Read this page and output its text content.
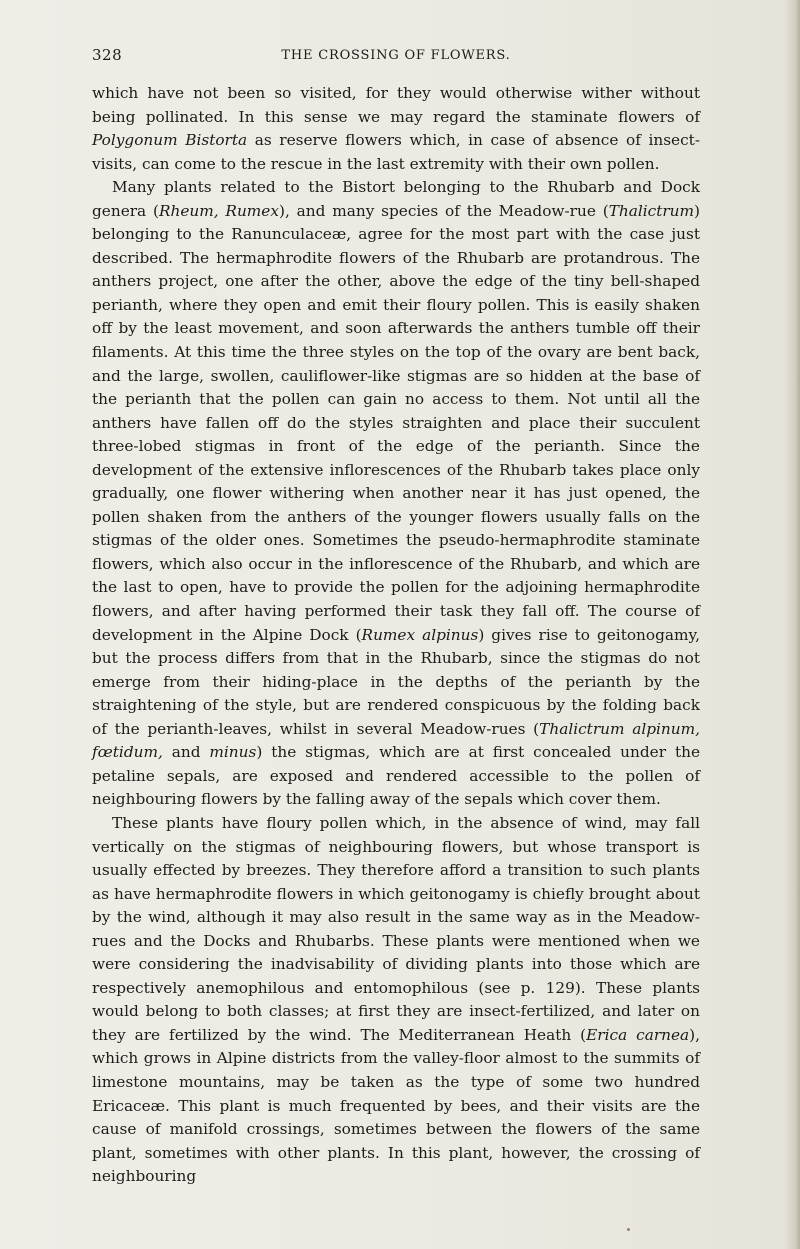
328	THE CROSSING OF FLOWERS.

which have not been so visited, for they would otherwise wither without being pollinated. In this sense we may regard the staminate flowers of Polygonum Bistorta as reserve flowers which, in case of absence of insect-visits, can come to the rescue in the last extremity with their own pollen.

Many plants related to the Bistort belonging to the Rhubarb and Dock genera (Rheum, Rumex), and many species of the Meadow-rue (Thalictrum) belonging to the Ranunculaceæ, agree for the most part with the case just described. The hermaphrodite flowers of the Rhubarb are protandrous. The anthers project, one after the other, above the edge of the tiny bell-shaped perianth, where they open and emit their floury pollen. This is easily shaken off by the least movement, and soon afterwards the anthers tumble off their filaments. At this time the three styles on the top of the ovary are bent back, and the large, swollen, cauliflower-like stigmas are so hidden at the base of the perianth that the pollen can gain no access to them. Not until all the anthers have fallen off do the styles straighten and place their succulent three-lobed stigmas in front of the edge of the perianth. Since the development of the extensive inflorescences of the Rhubarb takes place only gradually, one flower withering when another near it has just opened, the pollen shaken from the anthers of the younger flowers usually falls on the stigmas of the older ones. Sometimes the pseudo-hermaphrodite staminate flowers, which also occur in the inflorescence of the Rhubarb, and which are the last to open, have to provide the pollen for the adjoining hermaphrodite flowers, and after having performed their task they fall off. The course of development in the Alpine Dock (Rumex alpinus) gives rise to geitonogamy, but the process differs from that in the Rhubarb, since the stigmas do not emerge from their hiding-place in the depths of the perianth by the straightening of the style, but are rendered conspicuous by the folding back of the perianth-leaves, whilst in several Meadow-rues (Thalictrum alpinum, fœtidum, and minus) the stigmas, which are at first concealed under the petaline sepals, are exposed and rendered accessible to the pollen of neighbouring flowers by the falling away of the sepals which cover them.

These plants have floury pollen which, in the absence of wind, may fall vertically on the stigmas of neighbouring flowers, but whose transport is usually effected by breezes. They therefore afford a transition to such plants as have hermaphrodite flowers in which geitonogamy is chiefly brought about by the wind, although it may also result in the same way as in the Meadow-rues and the Docks and Rhubarbs. These plants were mentioned when we were considering the inadvisability of dividing plants into those which are respectively anemophilous and entomophilous (see p. 129). These plants would belong to both classes; at first they are insect-fertilized, and later on they are fertilized by the wind. The Mediterranean Heath (Erica carnea), which grows in Alpine districts from the valley-floor almost to the summits of limestone mountains, may be taken as the type of some two hundred Ericaceæ. This plant is much frequented by bees, and their visits are the cause of manifold crossings, sometimes between the flowers of the same plant, sometimes with other plants. In this plant, however, the crossing of neighbouring
